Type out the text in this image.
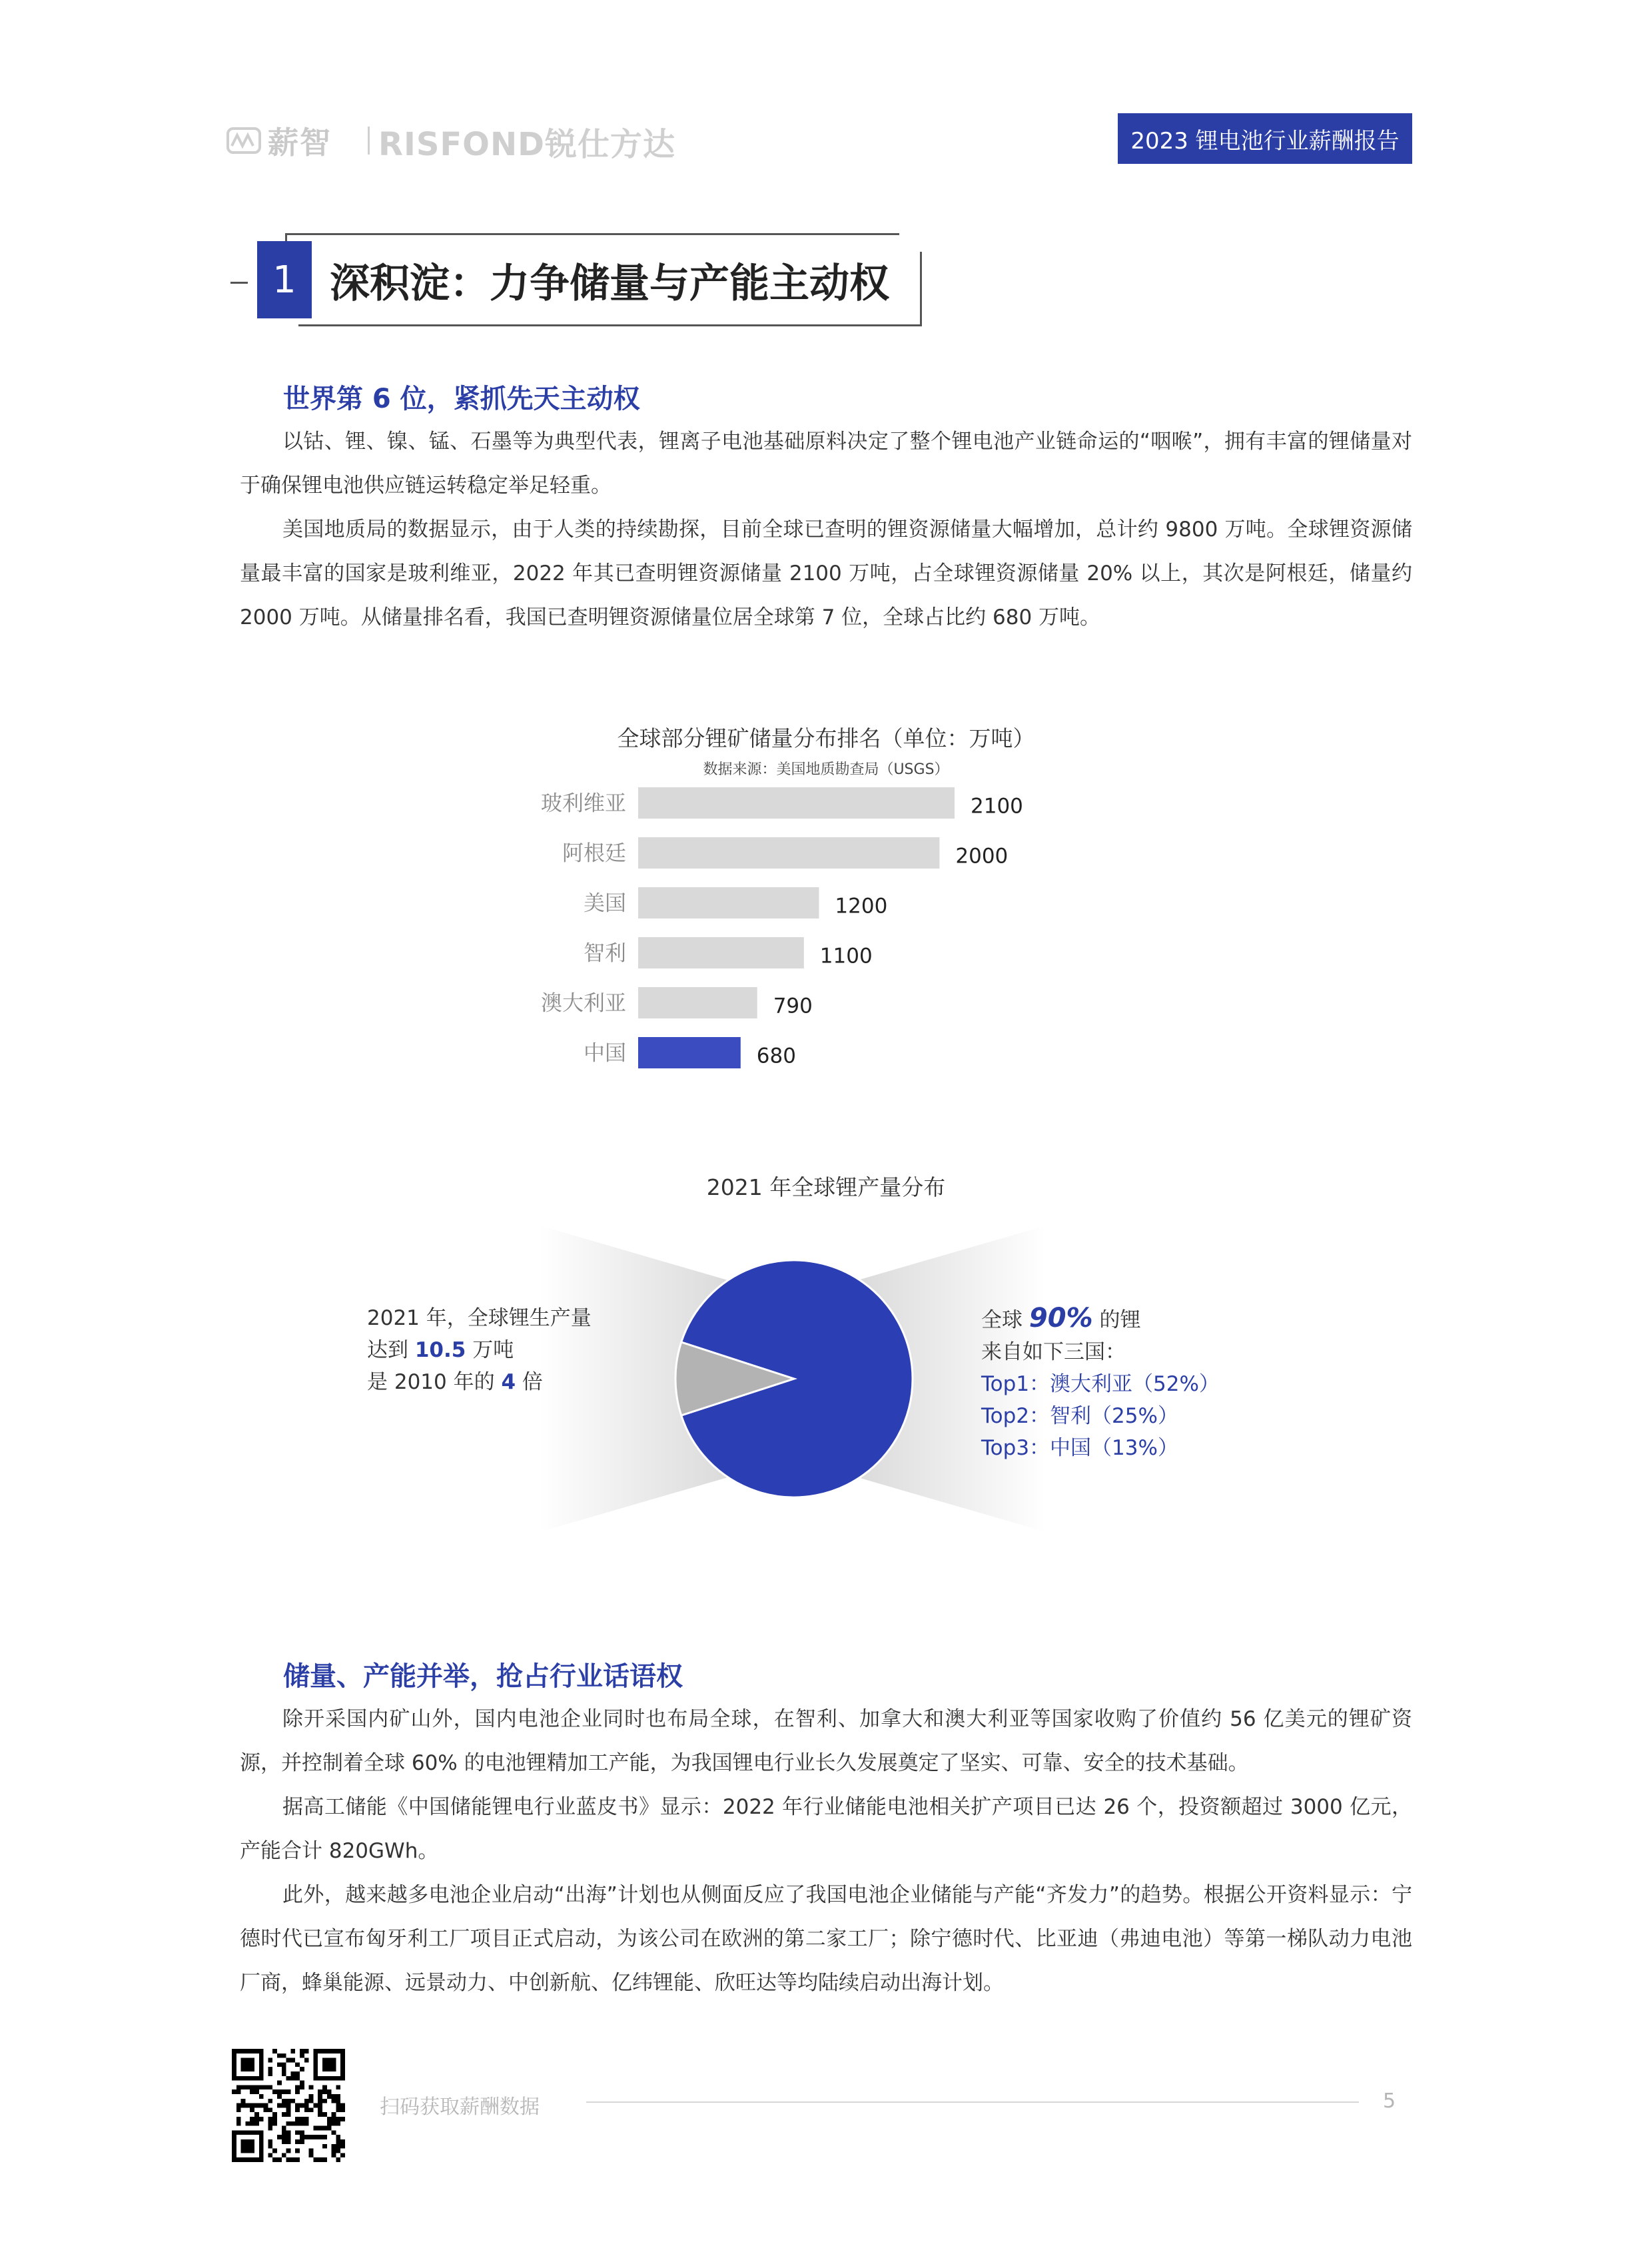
薪智 RISFOND锐仕方达	2023 锂电池行业薪酬报告
1 深积淀：力争储量与产能主动权
世界第 6 位，紧抓先天主动权
以钴、锂、镍、锰、石墨等为典型代表，锂离子电池基础原料决定了整个锂电池产业链命运的“咽喉”，拥有丰富的锂储量对于确保锂电池供应链运转稳定举足轻重。
美国地质局的数据显示，由于人类的持续勘探，目前全球已查明的锂资源储量大幅增加，总计约 9800 万吨。全球锂资源储量最丰富的国家是玻利维亚，2022 年其已查明锂资源储量 2100 万吨，占全球锂资源储量 20% 以上，其次是阿根廷，储量约 2000 万吨。从储量排名看，我国已查明锂资源储量位居全球第 7 位，全球占比约 680 万吨。
全球部分锂矿储量分布排名（单位：万吨）
数据来源：美国地质勘查局（USGS）
玻利维亚	2100
阿根廷	2000
美国	1200
智利	1100
澳大利亚	790
中国	680
2021 年全球锂产量分布
2021 年，全球锂生产量
达到 10.5 万吨
是 2010 年的 4 倍
全球 90% 的锂
来自如下三国：
Top1：澳大利亚（52%）
Top2：智利（25%）
Top3：中国（13%）
储量、产能并举，抢占行业话语权
除开采国内矿山外，国内电池企业同时也布局全球，在智利、加拿大和澳大利亚等国家收购了价值约 56 亿美元的锂矿资源，并控制着全球 60% 的电池锂精加工产能，为我国锂电行业长久发展奠定了坚实、可靠、安全的技术基础。
据高工储能《中国储能锂电行业蓝皮书》显示：2022 年行业储能电池相关扩产项目已达 26 个，投资额超过 3000 亿元，产能合计 820GWh。
此外，越来越多电池企业启动“出海”计划也从侧面反应了我国电池企业储能与产能“齐发力”的趋势。根据公开资料显示：宁德时代已宣布匈牙利工厂项目正式启动，为该公司在欧洲的第二家工厂；除宁德时代、比亚迪（弗迪电池）等第一梯队动力电池厂商，蜂巢能源、远景动力、中创新航、亿纬锂能、欣旺达等均陆续启动出海计划。
扫码获取薪酬数据	5
